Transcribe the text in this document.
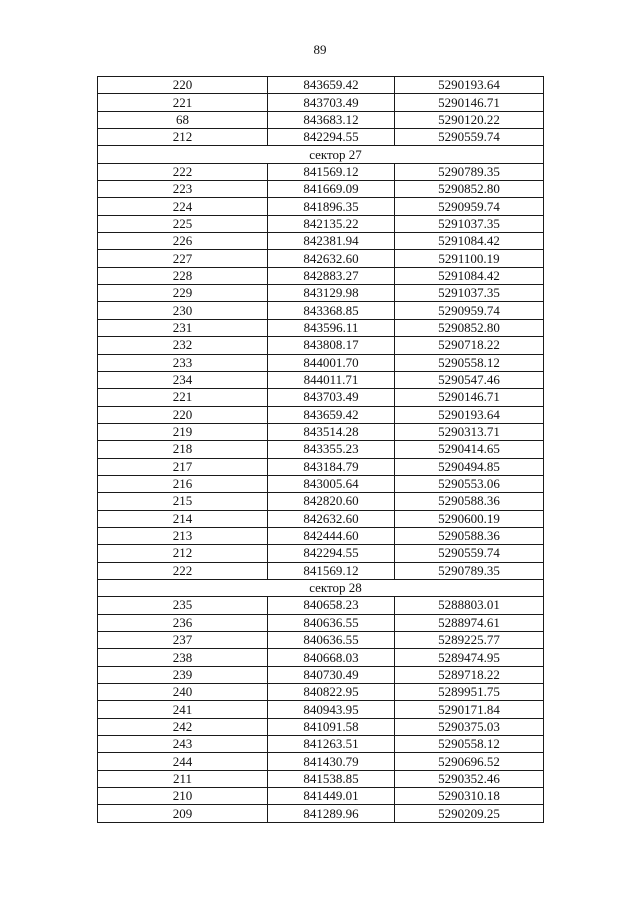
89
220	843659.42	5290193.64
221	843703.49	5290146.71
68	843683.12	5290120.22
212	842294.55	5290559.74
сектор 27		
222	841569.12	5290789.35
223	841669.09	5290852.80
224	841896.35	5290959.74
225	842135.22	5291037.35
226	842381.94	5291084.42
227	842632.60	5291100.19
228	842883.27	5291084.42
229	843129.98	5291037.35
230	843368.85	5290959.74
231	843596.11	5290852.80
232	843808.17	5290718.22
233	844001.70	5290558.12
234	844011.71	5290547.46
221	843703.49	5290146.71
220	843659.42	5290193.64
219	843514.28	5290313.71
218	843355.23	5290414.65
217	843184.79	5290494.85
216	843005.64	5290553.06
215	842820.60	5290588.36
214	842632.60	5290600.19
213	842444.60	5290588.36
212	842294.55	5290559.74
222	841569.12	5290789.35
сектор 28		
235	840658.23	5288803.01
236	840636.55	5288974.61
237	840636.55	5289225.77
238	840668.03	5289474.95
239	840730.49	5289718.22
240	840822.95	5289951.75
241	840943.95	5290171.84
242	841091.58	5290375.03
243	841263.51	5290558.12
244	841430.79	5290696.52
211	841538.85	5290352.46
210	841449.01	5290310.18
209	841289.96	5290209.25
